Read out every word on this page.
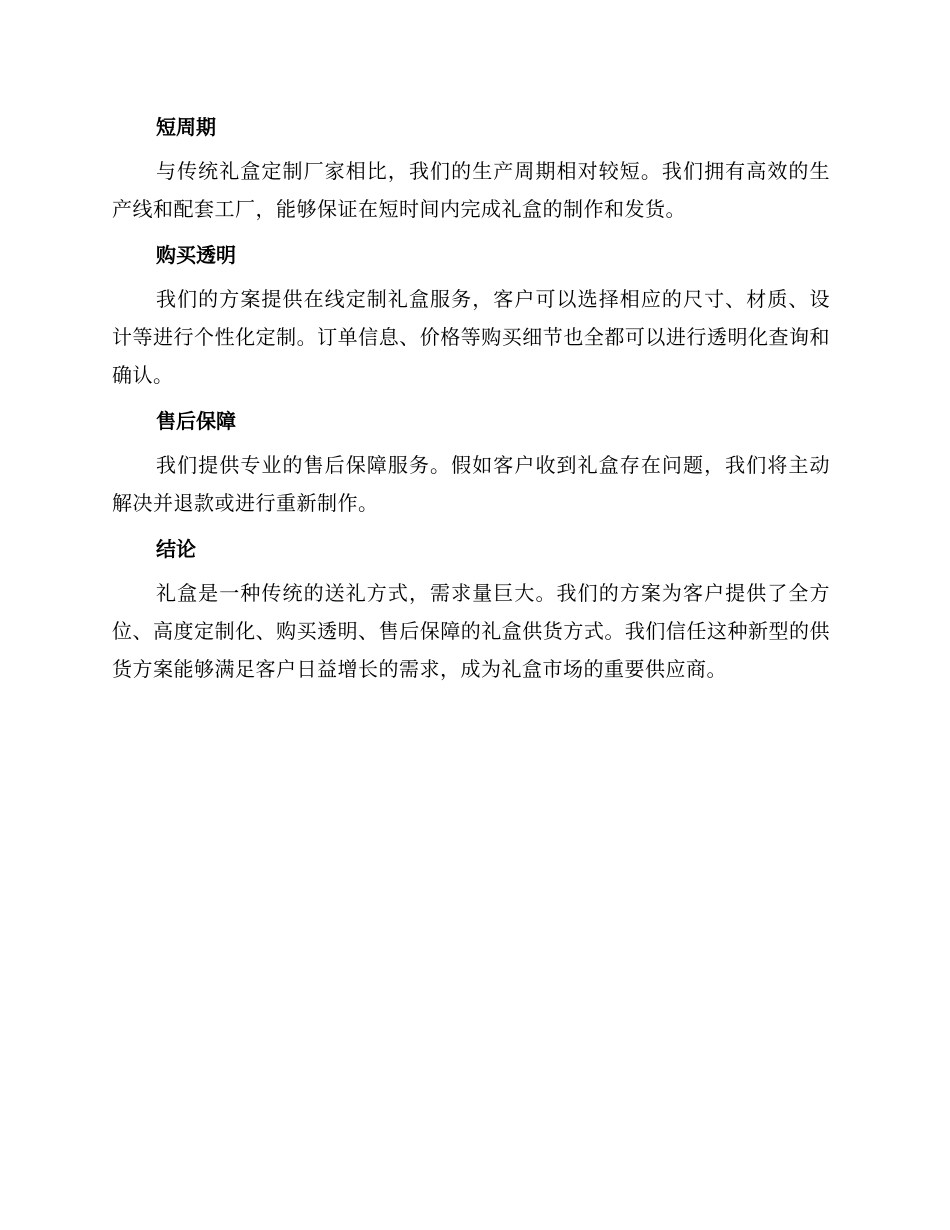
短周期

与传统礼盒定制厂家相比，我们的生产周期相对较短。我们拥有高效的生产线和配套工厂，能够保证在短时间内完成礼盒的制作和发货。

购买透明

我们的方案提供在线定制礼盒服务，客户可以选择相应的尺寸、材质、设计等进行个性化定制。订单信息、价格等购买细节也全都可以进行透明化查询和确认。

售后保障

我们提供专业的售后保障服务。假如客户收到礼盒存在问题，我们将主动解决并退款或进行重新制作。

结论

礼盒是一种传统的送礼方式，需求量巨大。我们的方案为客户提供了全方位、高度定制化、购买透明、售后保障的礼盒供货方式。我们信任这种新型的供货方案能够满足客户日益增长的需求，成为礼盒市场的重要供应商。
